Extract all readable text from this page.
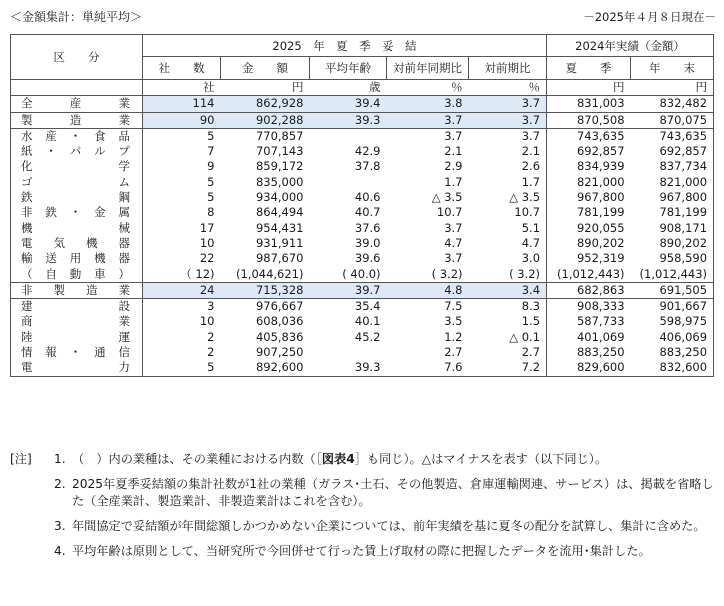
＜金額集計：単純平均＞	－2025年４月８日現在－
区　　分	2025　年　夏　季　妥　結					2024年実績（金額）	
	社　　数	金　　額	平均年齢	対前年同期比	対前期比	夏　　季	年　　末
	社	円	歳	％	％	円	円
全産業	114	862,928	39.4	3.8	3.7	831,003	832,482
製造業	90	902,288	39.3	3.7	3.7	870,508	870,075
水産・食品	5	770,857		3.7	3.7	743,635	743,635
紙・パルプ	7	707,143	42.9	2.1	2.1	692,857	692,857
化学	9	859,172	37.8	2.9	2.6	834,939	837,734
ゴム	5	835,000		1.7	1.7	821,000	821,000
鉄鋼	5	934,000	40.6	△ 3.5	△ 3.5	967,800	967,800
非鉄・金属	8	864,494	40.7	10.7	10.7	781,199	781,199
機械	17	954,431	37.6	3.7	5.1	920,055	908,171
電気機器	10	931,911	39.0	4.7	4.7	890,202	890,202
輸送用機器	22	987,670	39.6	3.7	3.0	952,319	958,590
（自動車）	（ 12)	(1,044,621)	( 40.0)	( 3.2)	( 3.2)	(1,012,443)	(1,012,443)
非製造業	24	715,328	39.7	4.8	3.4	682,863	691,505
建設	3	976,667	35.4	7.5	8.3	908,333	901,667
商業	10	608,036	40.1	3.5	1.5	587,733	598,975
陸運	2	405,836	45.2	1.2	△ 0.1	401,069	406,069
情報・通信	2	907,250		2.7	2.7	883,250	883,250
電力	5	892,600	39.3	7.6	7.2	829,600	832,600
[注] 1. （　）内の業種は、その業種における内数（［図表4］も同じ）。△はマイナスを表す（以下同じ）。
2. 2025年夏季妥結額の集計社数が1社の業種（ガラス･土石、その他製造、倉庫運輸関連、サービス）は、掲載を省略した（全産業計、製造業計、非製造業計はこれを含む）。
3. 年間協定で妥結額が年間総額しかつかめない企業については、前年実績を基に夏冬の配分を試算し、集計に含めた。
4. 平均年齢は原則として、当研究所で今回併せて行った賃上げ取材の際に把握したデータを流用･集計した。
